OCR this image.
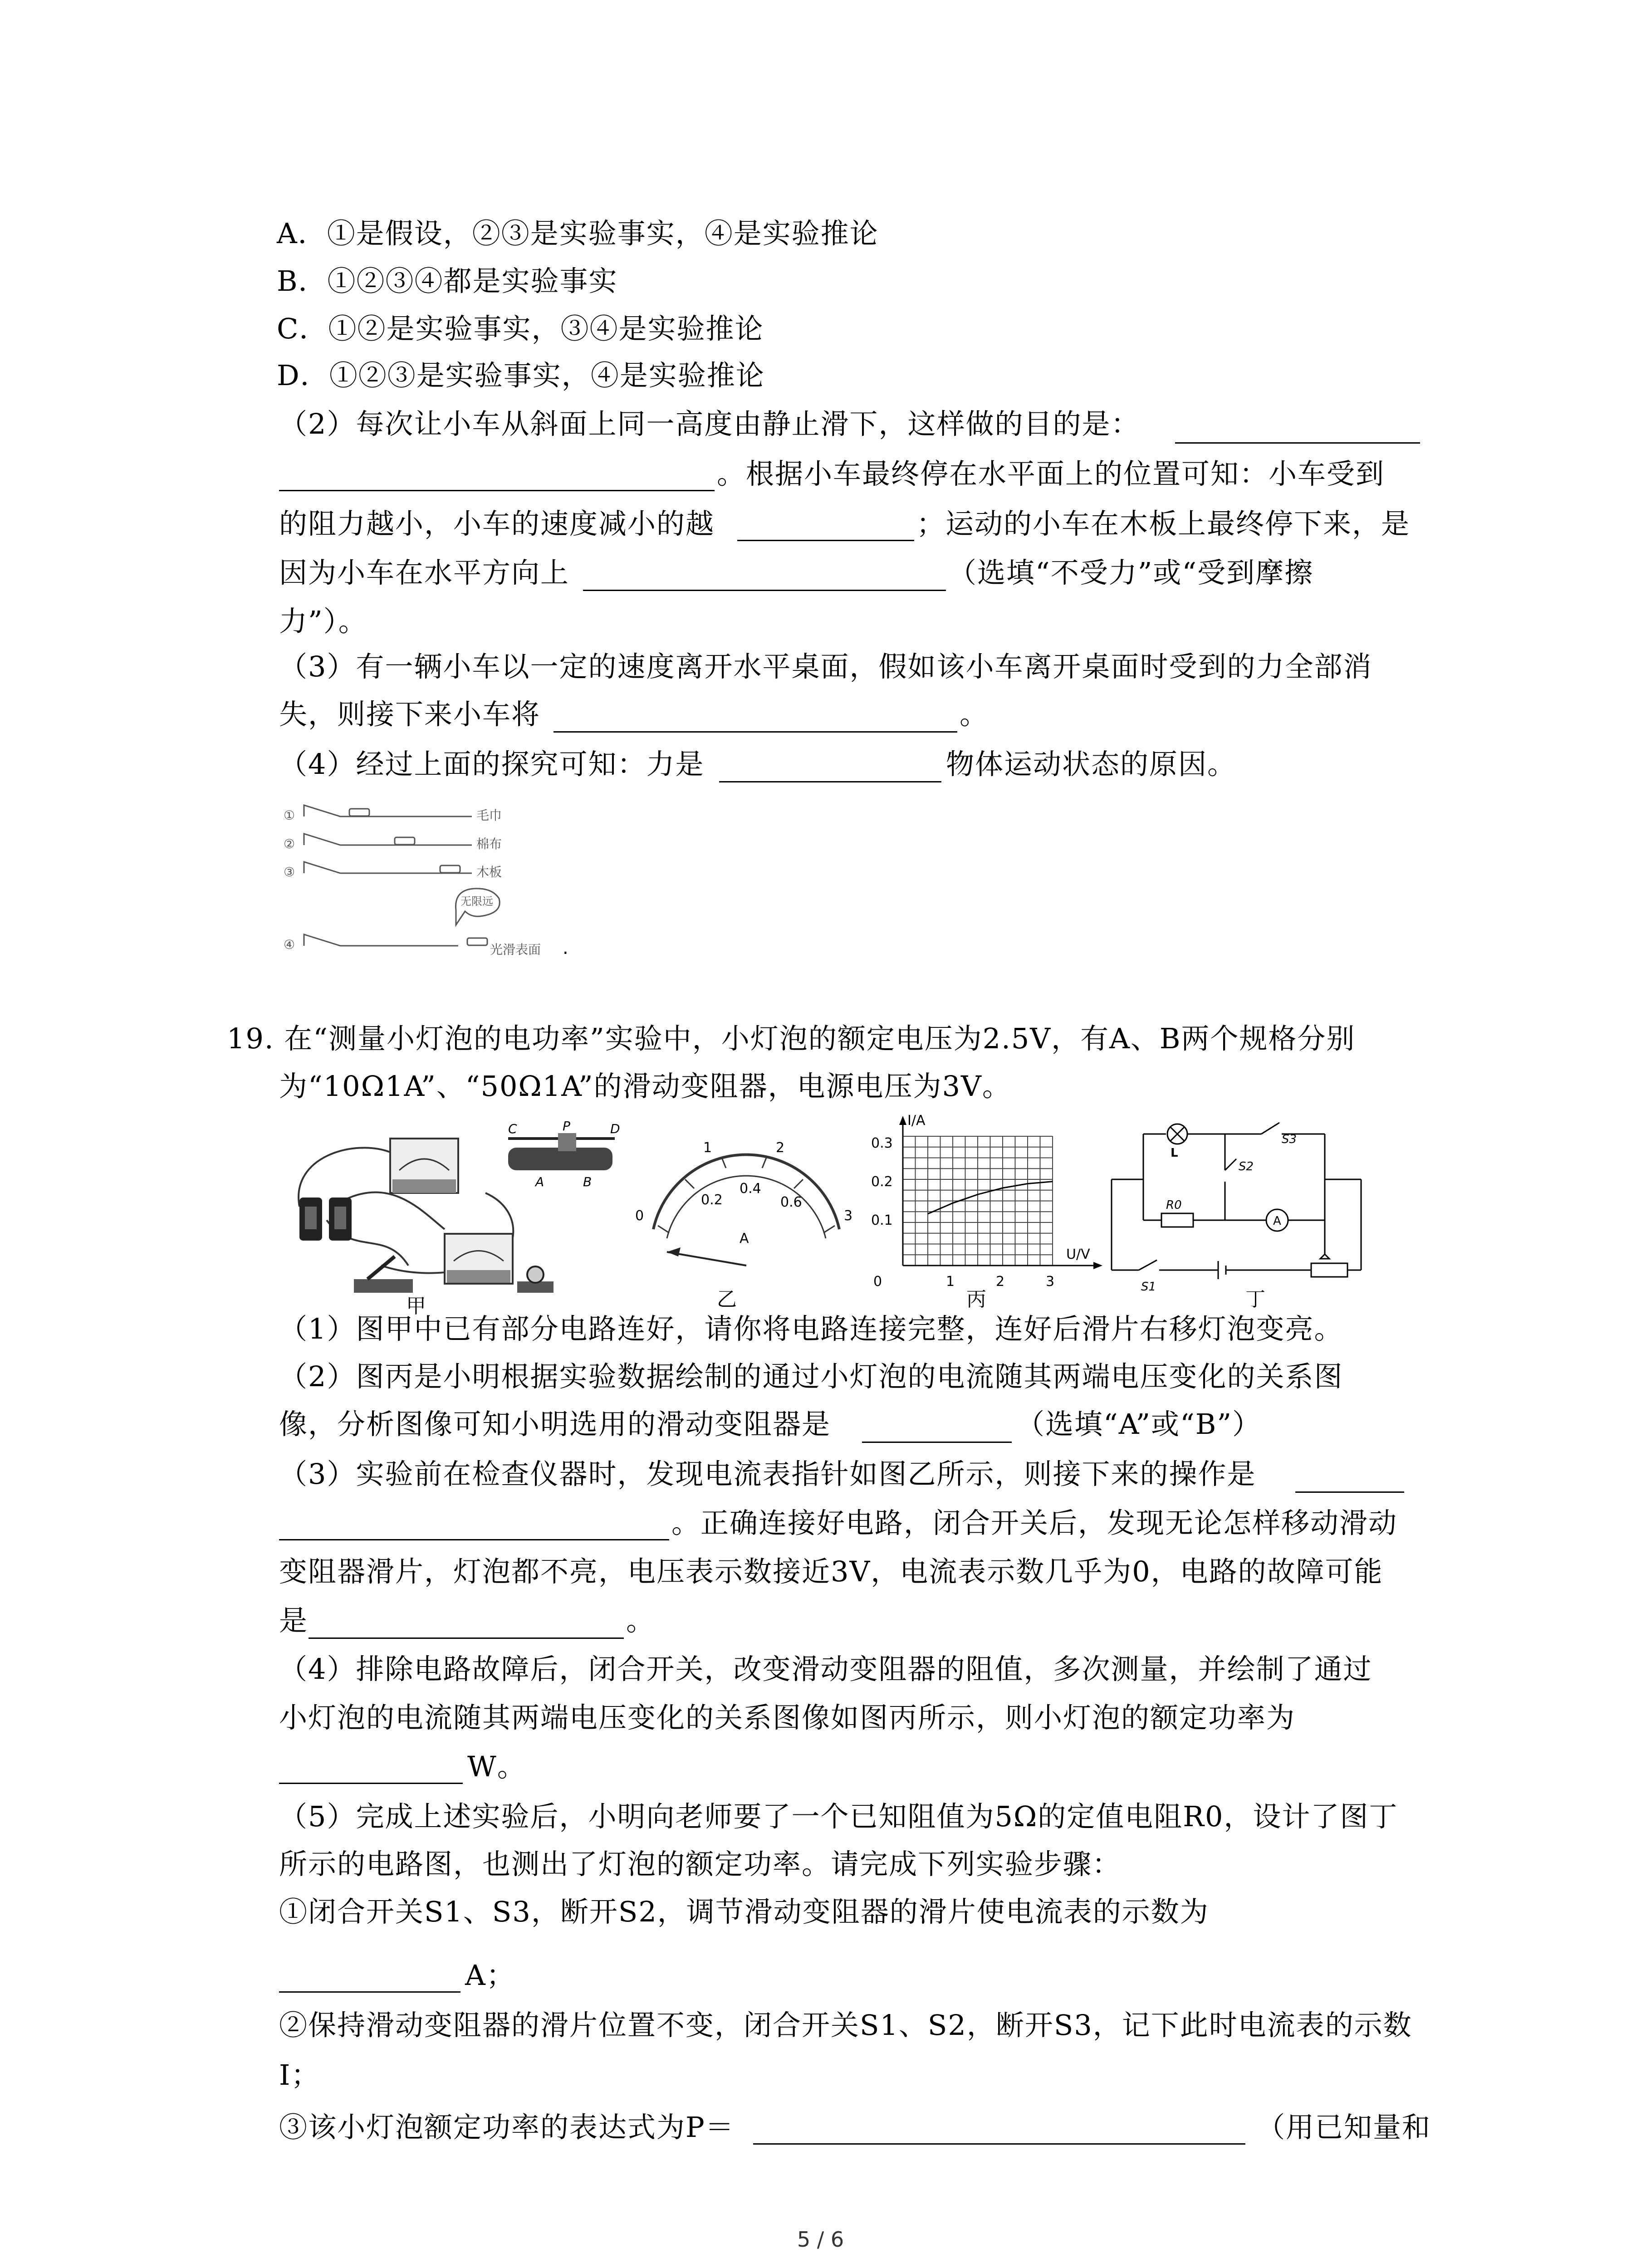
A．①是假设，②③是实验事实，④是实验推论
B．①②③④都是实验事实
C．①②是实验事实，③④是实验推论
D．①②③是实验事实，④是实验推论
（2）每次让小车从斜面上同一高度由静止滑下，这样做的目的是：
。根据小车最终停在水平面上的位置可知：小车受到
的阻力越小，小车的速度减小的越	；运动的小车在木板上最终停下来，是
因为小车在水平方向上	（选填“不受力”或“受到摩擦
力”）。
（3）有一辆小车以一定的速度离开水平桌面，假如该小车离开桌面时受到的力全部消
失，则接下来小车将	。
（4）经过上面的探究可知：力是	物体运动状态的原因。
①	毛巾
②	棉布
③	木板
无限远
④	光滑表面 .
19. 在“测量小灯泡的电功率”实验中，小灯泡的额定电压为2.5V，有A、B两个规格分别
为“10Ω1A”、“50Ω1A”的滑动变阻器，电源电压为3V。
甲
C	P	D
A	B
0
1	2
3
0.2
0.4
0.6
A
乙
I/A
U/V
0.3
0.2
0.1
0	1	2	3
丙
L
S3
S2
R0
A
S1
丁
（1）图甲中已有部分电路连好，请你将电路连接完整，连好后滑片右移灯泡变亮。
（2）图丙是小明根据实验数据绘制的通过小灯泡的电流随其两端电压变化的关系图
像，分析图像可知小明选用的滑动变阻器是	（选填“A”或“B”）
（3）实验前在检查仪器时，发现电流表指针如图乙所示，则接下来的操作是
。正确连接好电路，闭合开关后，发现无论怎样移动滑动
变阻器滑片，灯泡都不亮，电压表示数接近3V，电流表示数几乎为0，电路的故障可能
是	。
（4）排除电路故障后，闭合开关，改变滑动变阻器的阻值，多次测量，并绘制了通过
小灯泡的电流随其两端电压变化的关系图像如图丙所示，则小灯泡的额定功率为
W。
（5）完成上述实验后，小明向老师要了一个已知阻值为5Ω的定值电阻R0，设计了图丁
所示的电路图，也测出了灯泡的额定功率。请完成下列实验步骤：
①闭合开关S1、S3，断开S2，调节滑动变阻器的滑片使电流表的示数为
A；
②保持滑动变阻器的滑片位置不变，闭合开关S1、S2，断开S3，记下此时电流表的示数
I；
③该小灯泡额定功率的表达式为P＝	（用已知量和
5 / 6
